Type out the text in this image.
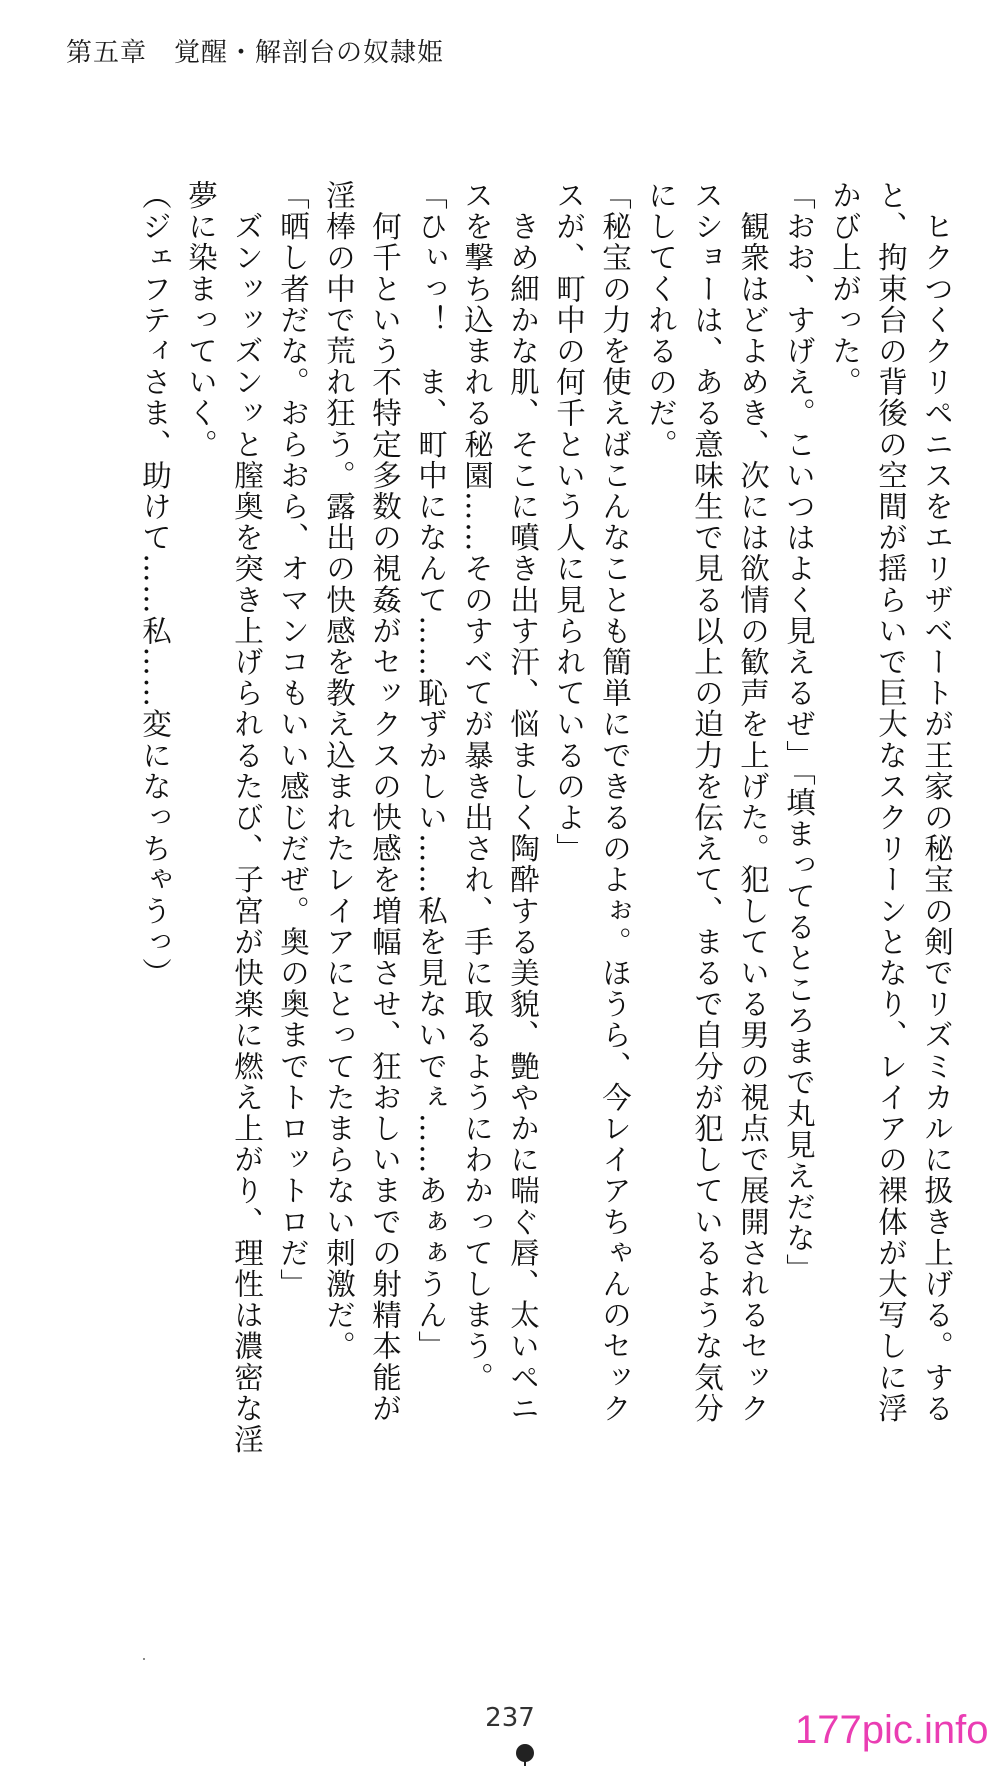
第五章　覚醒・解剖台の奴隷姫

　ヒクつくクリペニスをエリザベートが王家の秘宝の剣でリズミカルに扱き上げる。する

と、拘束台の背後の空間が揺らいで巨大なスクリーンとなり、レイアの裸体が大写しに浮

かび上がった。

「おお、すげえ。こいつはよく見えるぜ」「填まってるところまで丸見えだな」

　観衆はどよめき、次には欲情の歓声を上げた。犯している男の視点で展開されるセック

スショーは、ある意味生で見る以上の迫力を伝えて、まるで自分が犯しているような気分

にしてくれるのだ。

「秘宝の力を使えばこんなことも簡単にできるのよぉ。ほうら、今レイアちゃんのセック

スが、町中の何千という人に見られているのよ」

　きめ細かな肌、そこに噴き出す汗、悩ましく陶酔する美貌、艶やかに喘ぐ唇、太いペニ

スを撃ち込まれる秘園……そのすべてが暴き出され、手に取るようにわかってしまう。

「ひぃっ！　ま、町中になんて……恥ずかしい……私を見ないでぇ……あぁぁうん」

　何千という不特定多数の視姦がセックスの快感を増幅させ、狂おしいまでの射精本能が

淫棒の中で荒れ狂う。露出の快感を教え込まれたレイアにとってたまらない刺激だ。

「晒し者だな。おらおら、オマンコもいい感じだぜ。奥の奥までトロットロだ」

　ズンッッズンッと膣奥を突き上げられるたび、子宮が快楽に燃え上がり、理性は濃密な淫

夢に染まっていく。

（ジェフティさま、助けて……私……変になっちゃうっ）

237	177pic.info
